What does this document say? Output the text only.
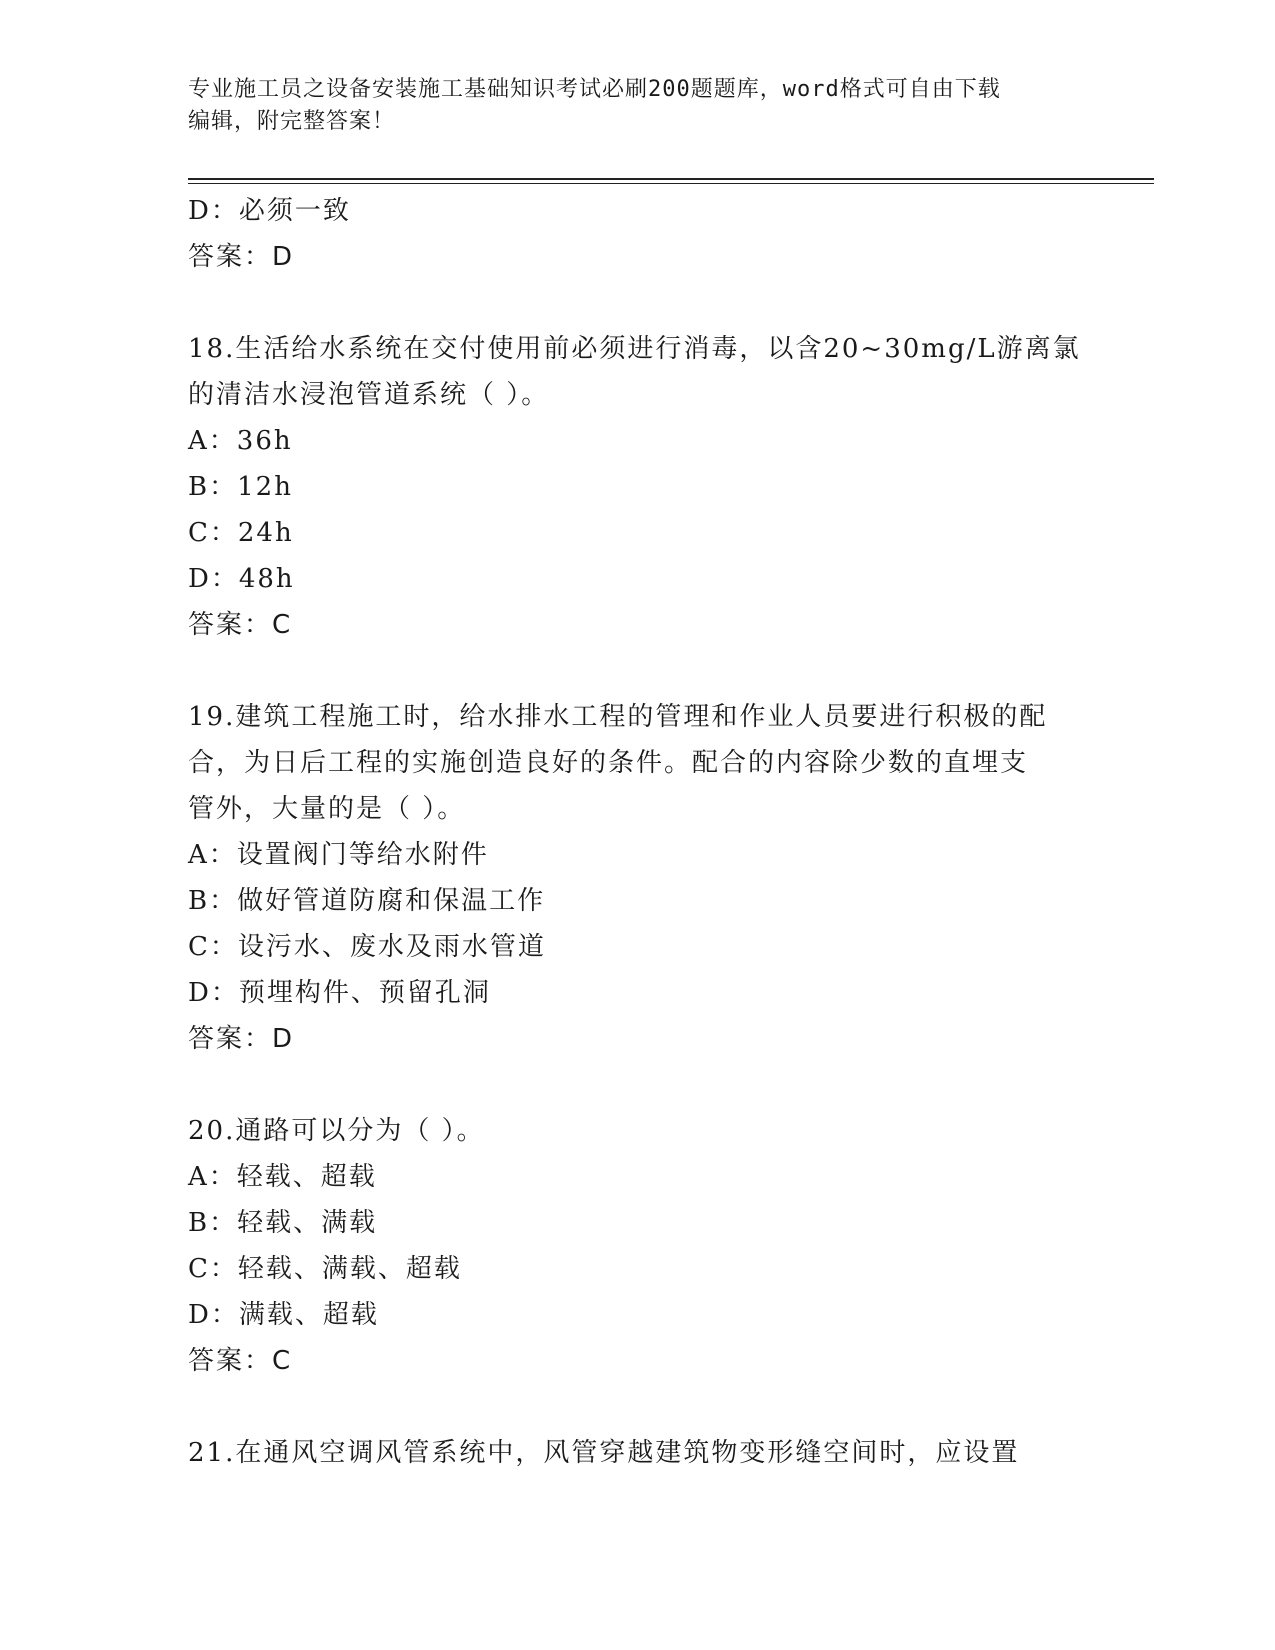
专业施工员之设备安装施工基础知识考试必刷200题题库，word格式可自由下载
编辑，附完整答案！
D：必须一致
答案：D
18.生活给水系统在交付使用前必须进行消毒，以含20~30mg/L游离氯
的清洁水浸泡管道系统（ ）。
A：36h
B：12h
C：24h
D：48h
答案：C
19.建筑工程施工时，给水排水工程的管理和作业人员要进行积极的配
合，为日后工程的实施创造良好的条件。配合的内容除少数的直埋支
管外，大量的是（ ）。
A：设置阀门等给水附件
B：做好管道防腐和保温工作
C：设污水、废水及雨水管道
D：预埋构件、预留孔洞
答案：D
20.通路可以分为（ ）。
A：轻载、超载
B：轻载、满载
C：轻载、满载、超载
D：满载、超载
答案：C
21.在通风空调风管系统中，风管穿越建筑物变形缝空间时，应设置
